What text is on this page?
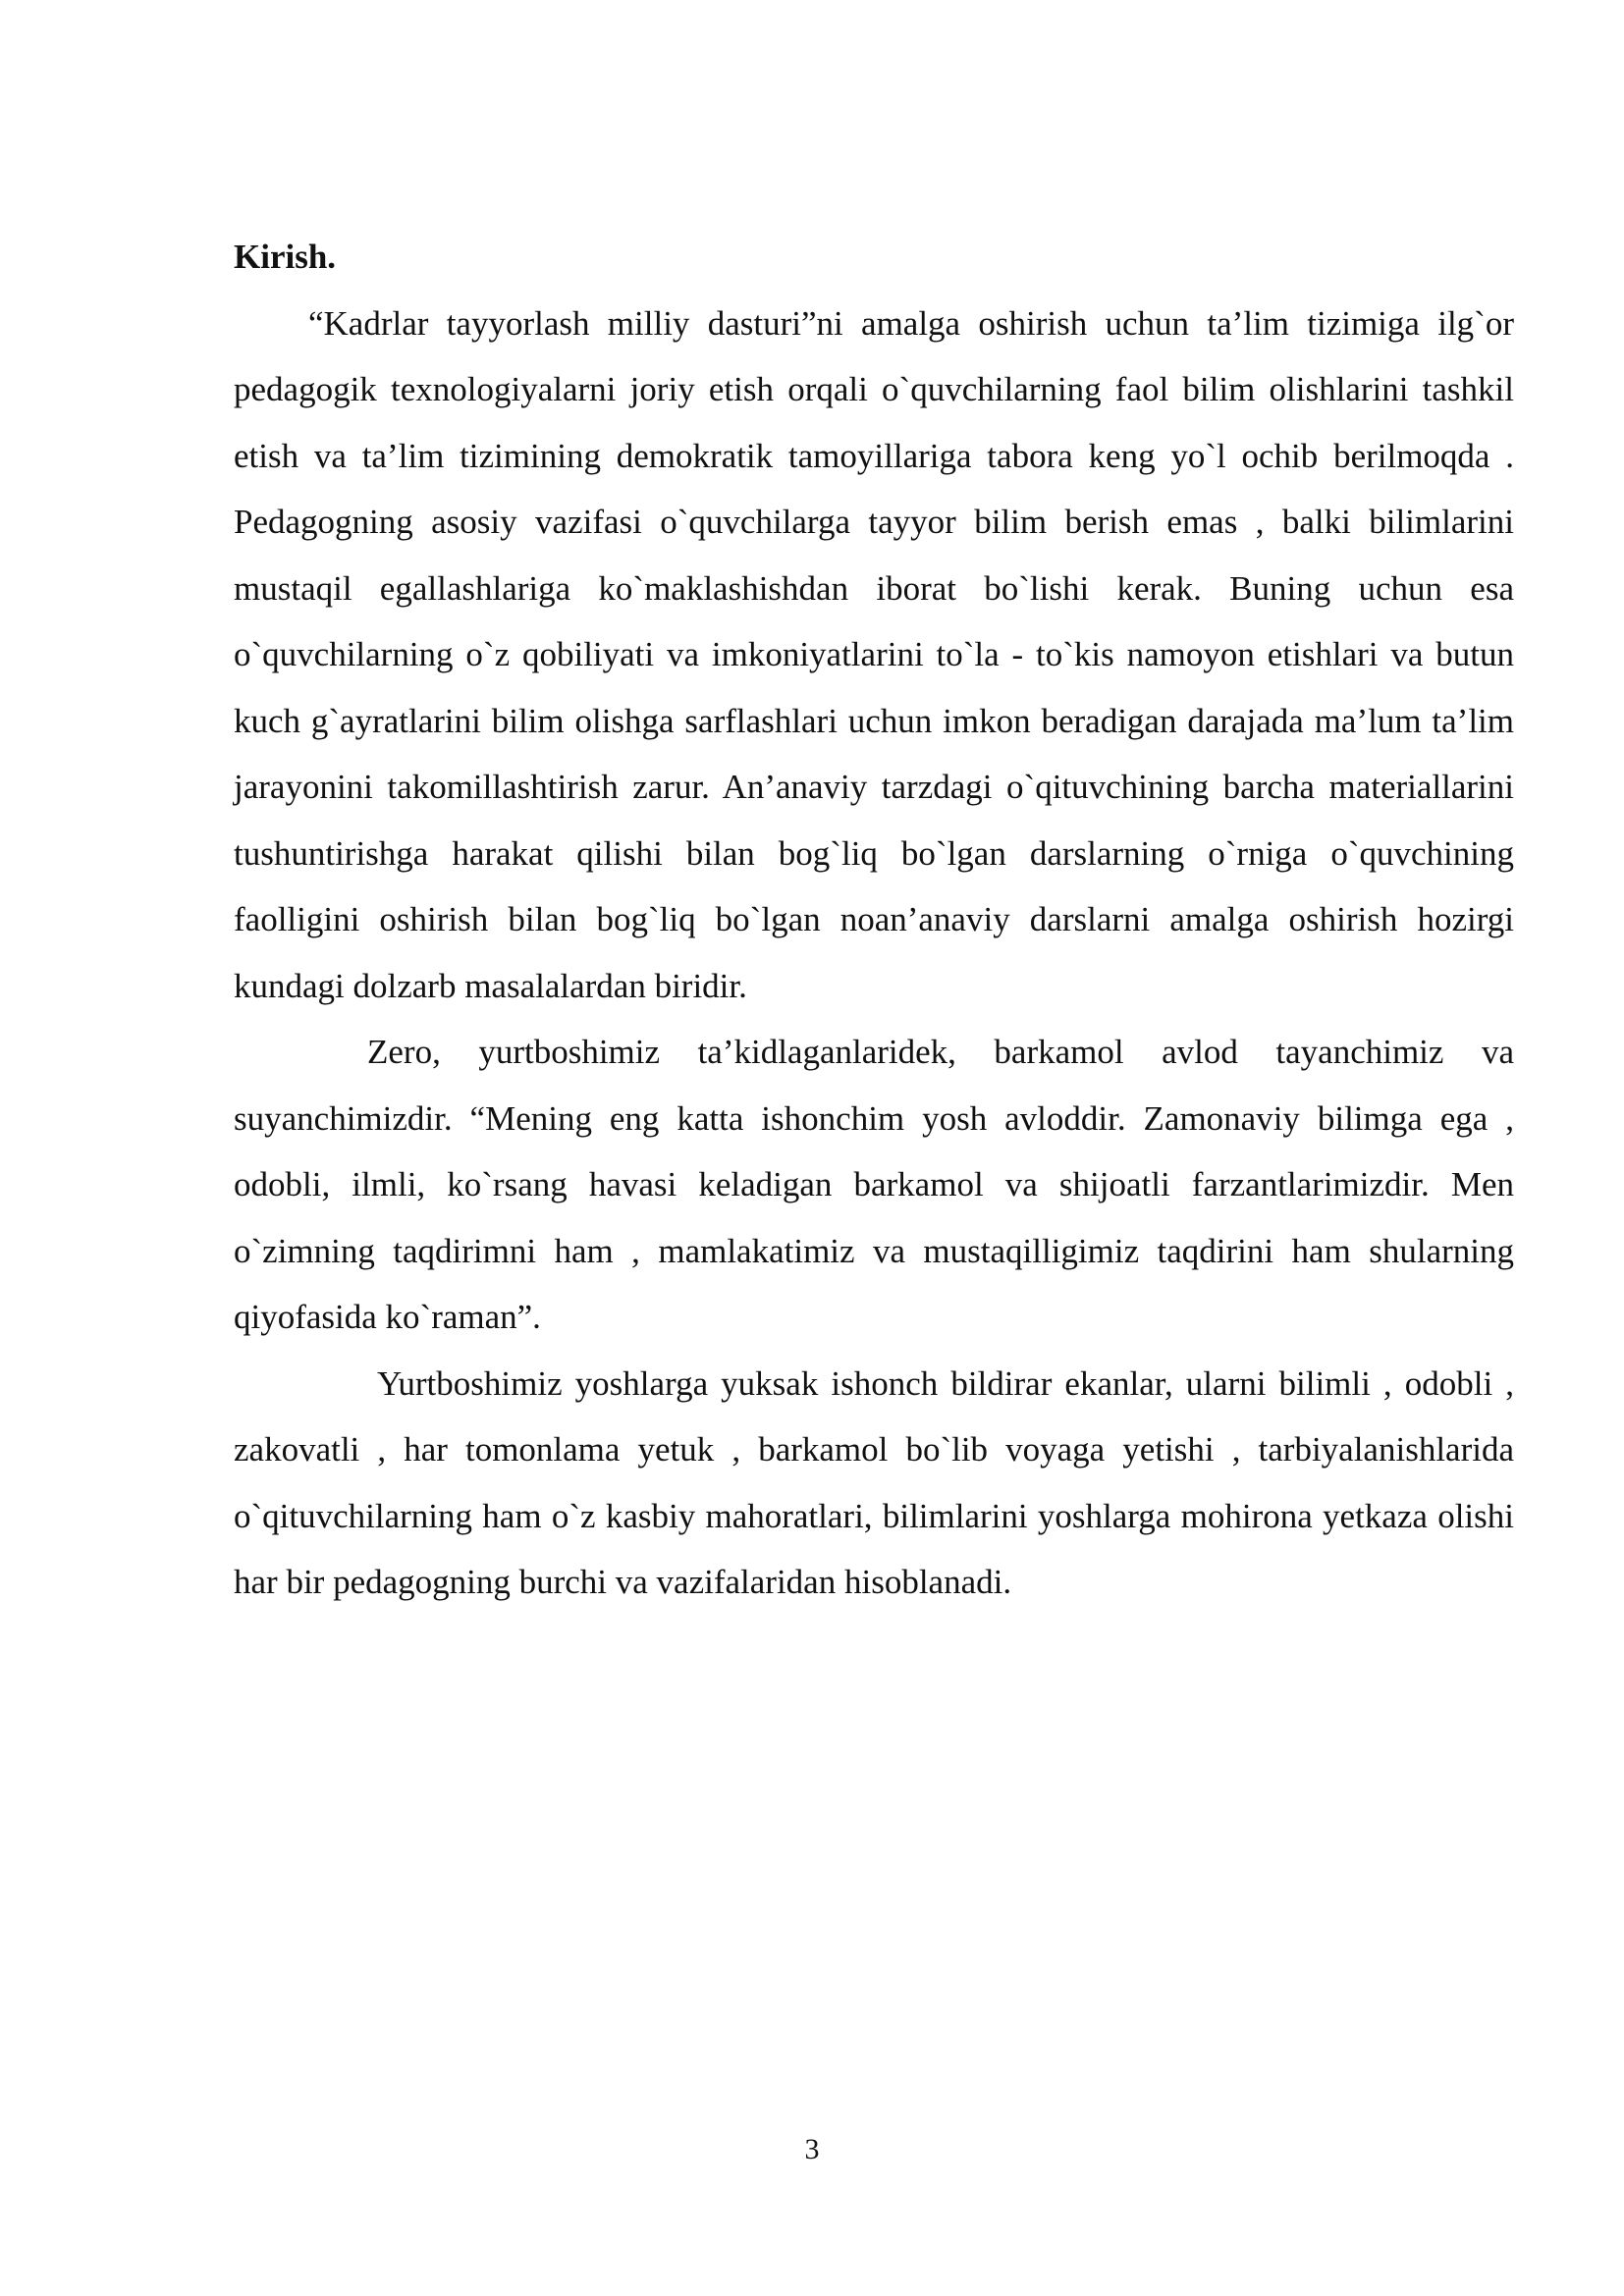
Kirish.

“Kadrlar tayyorlash milliy dasturi”ni amalga oshirish uchun ta’lim tizimiga ilg`or pedagogik texnologiyalarni joriy etish orqali o`quvchilarning faol bilim olishlarini tashkil etish va ta’lim tizimining demokratik tamoyillariga tabora keng yo`l ochib berilmoqda . Pedagogning asosiy vazifasi o`quvchilarga tayyor bilim berish emas , balki bilimlarini mustaqil egallashlariga ko`maklashishdan iborat bo`lishi kerak. Buning uchun esa o`quvchilarning o`z qobiliyati va imkoniyatlarini to`la - to`kis namoyon etishlari va butun kuch g`ayratlarini bilim olishga sarflashlari uchun imkon beradigan darajada ma’lum ta’lim jarayonini takomillashtirish zarur. An’anaviy tarzdagi o`qituvchining barcha materiallarini tushuntirishga harakat qilishi bilan bog`liq bo`lgan darslarning o`rniga o`quvchining faolligini oshirish bilan bog`liq bo`lgan noan’anaviy darslarni amalga oshirish hozirgi kundagi dolzarb masalalardan biridir.

Zero, yurtboshimiz ta’kidlaganlaridek, barkamol avlod tayanchimiz va suyanchimizdir. “Mening eng katta ishonchim yosh avloddir. Zamonaviy bilimga ega , odobli, ilmli, ko`rsang havasi keladigan barkamol va shijoatli farzantlarimizdir. Men o`zimning taqdirimni ham , mamlakatimiz va mustaqilligimiz taqdirini ham shularning qiyofasida ko`raman”.

Yurtboshimiz yoshlarga yuksak ishonch bildirar ekanlar, ularni bilimli , odobli , zakovatli , har tomonlama yetuk , barkamol bo`lib voyaga yetishi , tarbiyalanishlarida o`qituvchilarning ham o`z kasbiy mahoratlari, bilimlarini yoshlarga mohirona yetkaza olishi har bir pedagogning burchi va vazifalaridan hisoblanadi.

3
